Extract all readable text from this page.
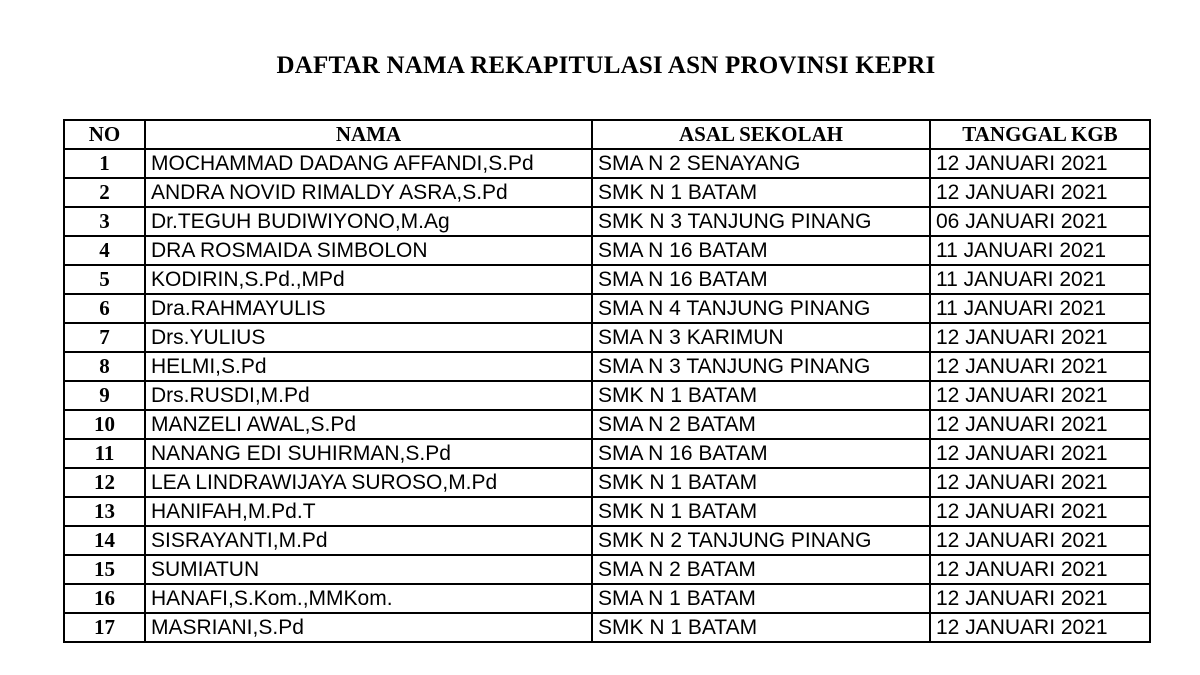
DAFTAR NAMA REKAPITULASI ASN PROVINSI KEPRI
NO	NAMA	ASAL SEKOLAH	TANGGAL KGB
1	MOCHAMMAD DADANG AFFANDI,S.Pd	SMA N 2 SENAYANG	12 JANUARI 2021
2	ANDRA NOVID RIMALDY ASRA,S.Pd	SMK N 1 BATAM	12 JANUARI 2021
3	Dr.TEGUH BUDIWIYONO,M.Ag	SMK N 3 TANJUNG PINANG	06 JANUARI 2021
4	DRA ROSMAIDA SIMBOLON	SMA N 16 BATAM	11 JANUARI 2021
5	KODIRIN,S.Pd.,MPd	SMA N 16 BATAM	11 JANUARI 2021
6	Dra.RAHMAYULIS	SMA N 4 TANJUNG PINANG	11 JANUARI 2021
7	Drs.YULIUS	SMA N 3 KARIMUN	12 JANUARI 2021
8	HELMI,S.Pd	SMA N 3 TANJUNG PINANG	12 JANUARI 2021
9	Drs.RUSDI,M.Pd	SMK N 1 BATAM	12 JANUARI 2021
10	MANZELI AWAL,S.Pd	SMA N 2 BATAM	12 JANUARI 2021
11	NANANG EDI SUHIRMAN,S.Pd	SMA N 16 BATAM	12 JANUARI 2021
12	LEA LINDRAWIJAYA SUROSO,M.Pd	SMK N 1 BATAM	12 JANUARI 2021
13	HANIFAH,M.Pd.T	SMK N 1 BATAM	12 JANUARI 2021
14	SISRAYANTI,M.Pd	SMK N 2 TANJUNG PINANG	12 JANUARI 2021
15	SUMIATUN	SMA N 2 BATAM	12 JANUARI 2021
16	HANAFI,S.Kom.,MMKom.	SMA N 1 BATAM	12 JANUARI 2021
17	MASRIANI,S.Pd	SMK N 1 BATAM	12 JANUARI 2021
